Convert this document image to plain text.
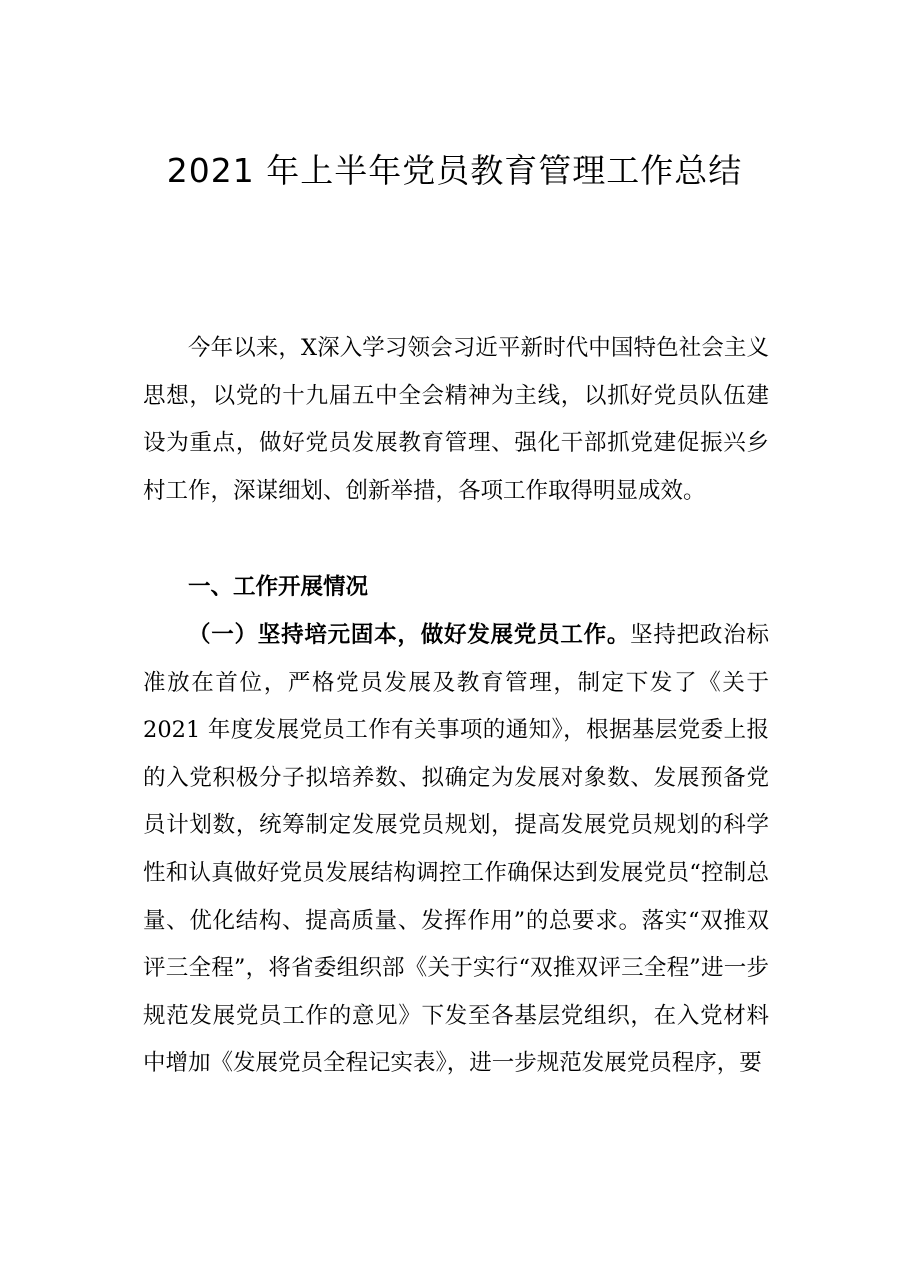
2021 年上半年党员教育管理工作总结
今年以来，X深入学习领会习近平新时代中国特色社会主义思想，以党的十九届五中全会精神为主线，以抓好党员队伍建设为重点，做好党员发展教育管理、强化干部抓党建促振兴乡村工作，深谋细划、创新举措，各项工作取得明显成效。
一、工作开展情况
（一）坚持培元固本，做好发展党员工作。坚持把政治标准放在首位，严格党员发展及教育管理，制定下发了《关于 2021 年度发展党员工作有关事项的通知》，根据基层党委上报的入党积极分子拟培养数、拟确定为发展对象数、发展预备党员计划数，统筹制定发展党员规划，提高发展党员规划的科学性和认真做好党员发展结构调控工作确保达到发展党员“控制总量、优化结构、提高质量、发挥作用”的总要求。落实“双推双评三全程”，将省委组织部《关于实行“双推双评三全程”进一步规范发展党员工作的意见》下发至各基层党组织，在入党材料中增加《发展党员全程记实表》，进一步规范发展党员程序，要
